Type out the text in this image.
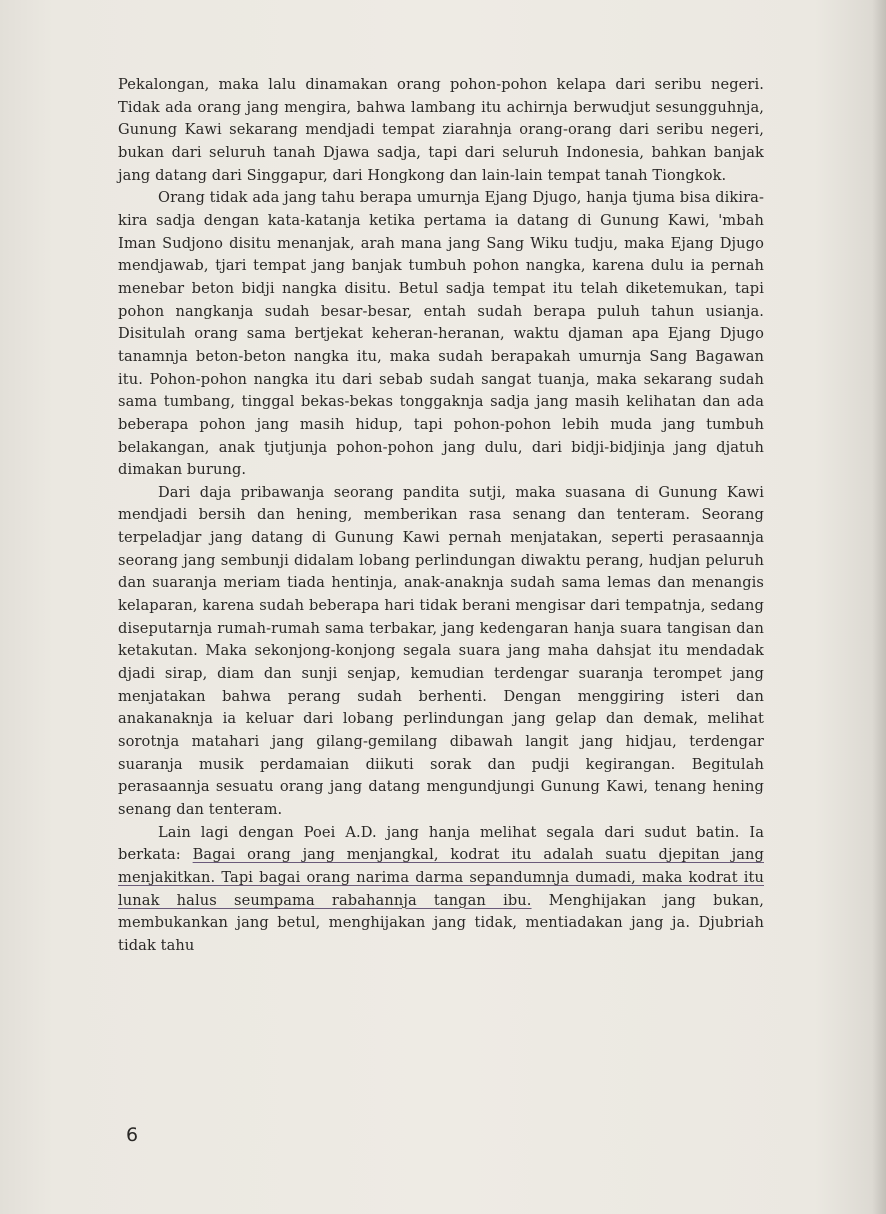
Pekalongan, maka lalu dinamakan orang pohon-pohon kelapa dari seribu negeri. Tidak ada orang jang mengira, bahwa lambang itu achirnja berwudjut sesungguhnja, Gunung Kawi sekarang mendjadi tempat ziarahnja orang-orang dari seribu negeri, bukan dari seluruh tanah Djawa sadja, tapi dari seluruh Indonesia, bahkan banjak jang datang dari Singgapur, dari Hongkong dan lain-lain tempat tanah Tiongkok.

Orang tidak ada jang tahu berapa umurnja Ejang Djugo, hanja tjuma bisa dikira-kira sadja dengan kata-katanja ketika pertama ia datang di Gunung Kawi, 'mbah Iman Sudjono disitu menanjak, arah mana jang Sang Wiku tudju, maka Ejang Djugo mendjawab, tjari tempat jang banjak tumbuh pohon nangka, karena dulu ia pernah menebar beton bidji nangka disitu. Betul sadja tempat itu telah diketemukan, tapi pohon nangkanja sudah besar-besar, entah sudah berapa puluh tahun usianja. Disitulah orang sama bertjekat keheran-heranan, waktu djaman apa Ejang Djugo tanamnja beton-beton nangka itu, maka sudah berapakah umurnja Sang Bagawan itu. Pohon-pohon nangka itu dari sebab sudah sangat tuanja, maka sekarang sudah sama tumbang, tinggal bekas-bekas tonggaknja sadja jang masih kelihatan dan ada beberapa pohon jang masih hidup, tapi pohon-pohon lebih muda jang tumbuh belakangan, anak tjutjunja pohon-pohon jang dulu, dari bidji-bidjinja jang djatuh dimakan burung.

Dari daja pribawanja seorang pandita sutji, maka suasana di Gunung Kawi mendjadi bersih dan hening, memberikan rasa senang dan tenteram. Seorang terpeladjar jang datang di Gunung Kawi pernah menjatakan, seperti perasaannja seorang jang sembunji didalam lobang perlindungan diwaktu perang, hudjan peluruh dan suaranja meriam tiada hentinja, anak-anaknja sudah sama lemas dan menangis kelaparan, karena sudah beberapa hari tidak berani mengisar dari tempatnja, sedang diseputarnja rumah-rumah sama terbakar, jang kedengaran hanja suara tangisan dan ketakutan. Maka sekonjong-konjong segala suara jang maha dahsjat itu mendadak djadi sirap, diam dan sunji senjap, kemudian terdengar suaranja terompet jang menjatakan bahwa perang sudah berhenti. Dengan menggiring isteri dan anakanaknja ia keluar dari lobang perlindungan jang gelap dan demak, melihat sorotnja matahari jang gilang-gemilang dibawah langit jang hidjau, terdengar suaranja musik perdamaian diikuti sorak dan pudji kegirangan. Begitulah perasaannja sesuatu orang jang datang mengundjungi Gunung Kawi, tenang hening senang dan tenteram.

Lain lagi dengan Poei A.D. jang hanja melihat segala dari sudut batin. Ia berkata: Bagai orang jang menjangkal, kodrat itu adalah suatu djepitan jang menjakitkan. Tapi bagai orang narima darma sepandumnja dumadi, maka kodrat itu lunak halus seumpama rabahannja tangan ibu. Menghijakan jang bukan, membukankan jang betul, menghijakan jang tidak, mentiadakan jang ja. Djubriah tidak tahu

6
